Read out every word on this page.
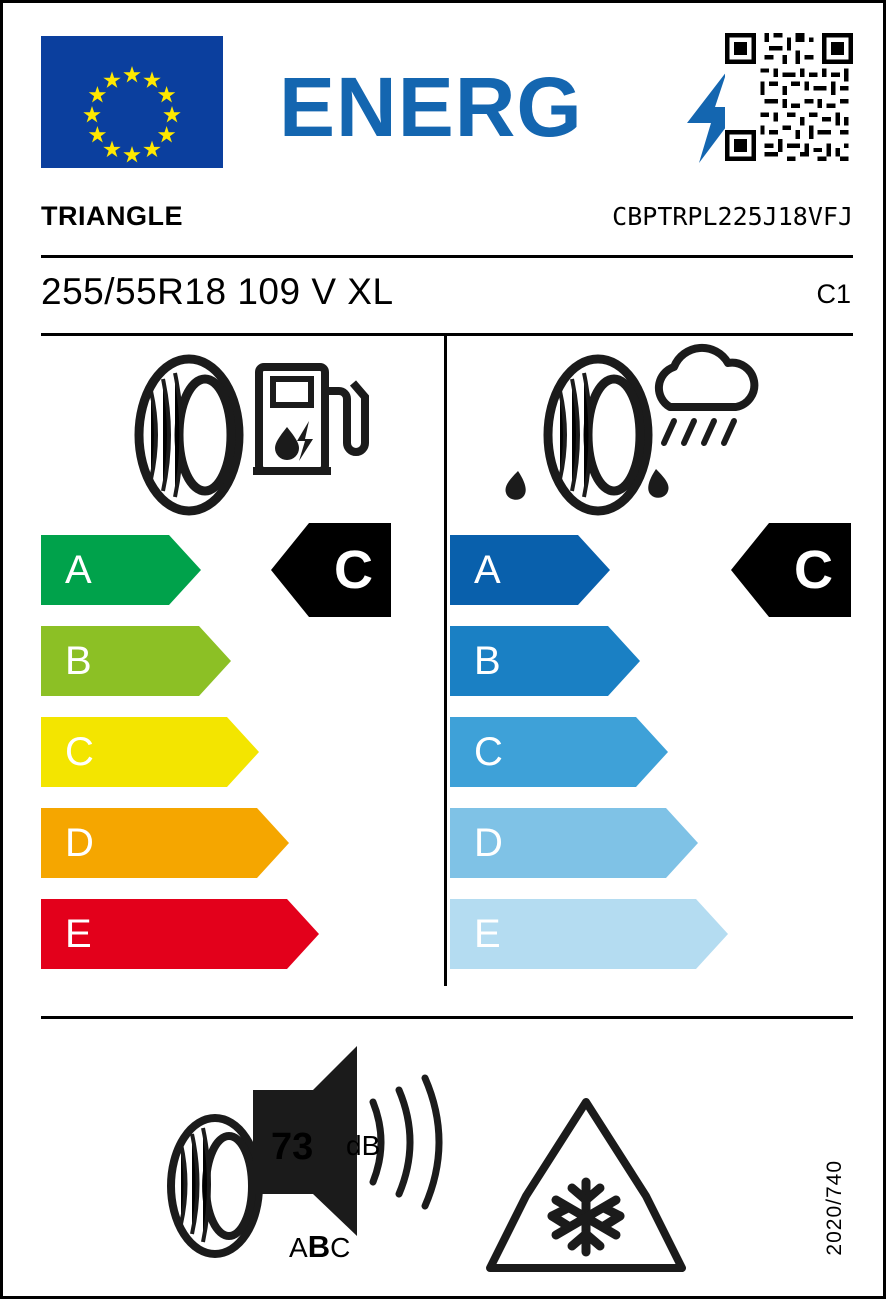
ENERG
TRIANGLE	CBPTRPL225J18VFJ
255/55R18 109 V XL	C1
A
B
C
D
E
C	A
B
C
D
E
C
73 dB
ABC	2020/740
